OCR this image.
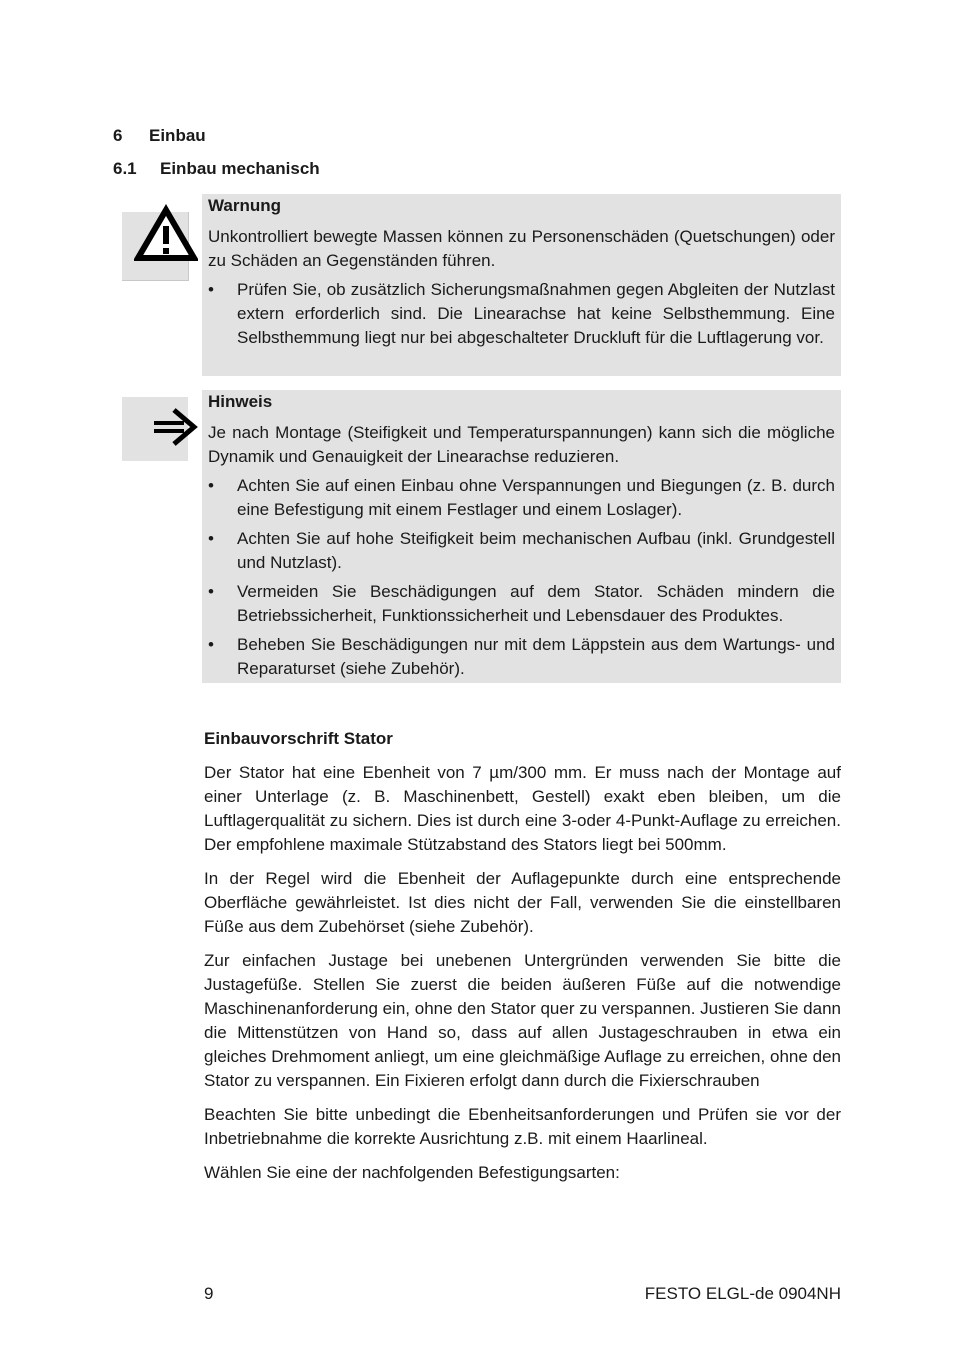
6 Einbau
6.1 Einbau mechanisch

Warnung

Unkontrolliert bewegte Massen können zu Personenschäden (Quetschungen) oder zu Schäden an Gegenständen führen.

• Prüfen Sie, ob zusätzlich Sicherungsmaßnahmen gegen Abgleiten der Nutzlast extern erforderlich sind. Die Linearachse hat keine Selbsthemmung. Eine Selbsthemmung liegt nur bei abgeschalteter Druckluft für die Luftlagerung vor.

Hinweis

Je nach Montage (Steifigkeit und Temperaturspannungen) kann sich die mögliche Dynamik und Genauigkeit der Linearachse reduzieren.

• Achten Sie auf einen Einbau ohne Verspannungen und Biegungen (z. B. durch eine Befestigung mit einem Festlager und einem Loslager).
• Achten Sie auf hohe Steifigkeit beim mechanischen Aufbau (inkl. Grundgestell und Nutzlast).
• Vermeiden Sie Beschädigungen auf dem Stator. Schäden mindern die Betriebssicherheit, Funktionssicherheit und Lebensdauer des Produktes.
• Beheben Sie Beschädigungen nur mit dem Läppstein aus dem Wartungs- und Reparaturset (siehe Zubehör).

Einbauvorschrift Stator

Der Stator hat eine Ebenheit von 7 µm/300 mm. Er muss nach der Montage auf einer Unterlage (z. B. Maschinenbett, Gestell) exakt eben bleiben, um die Luftlagerqualität zu sichern. Dies ist durch eine 3-oder 4-Punkt-Auflage zu erreichen. Der empfohlene maximale Stützabstand des Stators liegt bei 500mm.

In der Regel wird die Ebenheit der Auflagepunkte durch eine entsprechende Oberfläche gewährleistet. Ist dies nicht der Fall, verwenden Sie die einstellbaren Füße aus dem Zubehörset (siehe Zubehör).

Zur einfachen Justage bei unebenen Untergründen verwenden Sie bitte die Justagefüße. Stellen Sie zuerst die beiden äußeren Füße auf die notwendige Maschinenanforderung ein, ohne den Stator quer zu verspannen. Justieren Sie dann die Mittenstützen von Hand so, dass auf allen Justageschrauben in etwa ein gleiches Drehmoment anliegt, um eine gleichmäßige Auflage zu erreichen, ohne den Stator zu verspannen. Ein Fixieren erfolgt dann durch die Fixierschrauben

Beachten Sie bitte unbedingt die Ebenheitsanforderungen und Prüfen sie vor der Inbetriebnahme die korrekte Ausrichtung z.B. mit einem Haarlineal.

Wählen Sie eine der nachfolgenden Befestigungsarten:

9	FESTO ELGL-de 0904NH
